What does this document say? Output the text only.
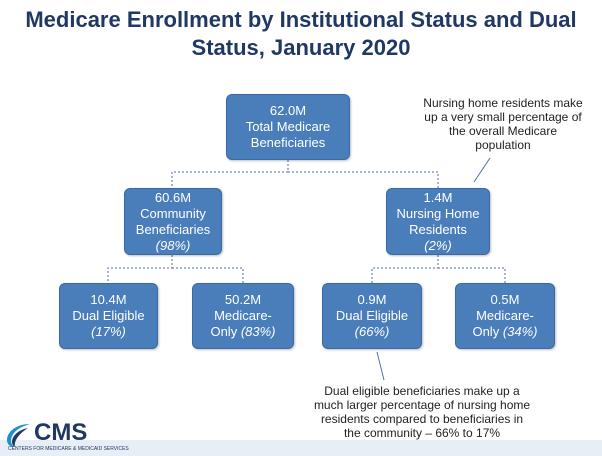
Medicare Enrollment by Institutional Status and Dual
Status, January 2020
62.0M
Total Medicare
Beneficiaries
60.6M
Community
Beneficiaries
(98%)
1.4M
Nursing Home
Residents
(2%)
10.4M
Dual Eligible
(17%)
50.2M
Medicare-
Only (83%)
0.9M
Dual Eligible
(66%)
0.5M
Medicare-
Only (34%)
Nursing home residents make
up a very small percentage of
the overall Medicare
population
Dual eligible beneficiaries make up a
much larger percentage of nursing home
residents compared to beneficiaries in
the community – 66% to 17%
CMS
CENTERS FOR MEDICARE & MEDICAID SERVICES
